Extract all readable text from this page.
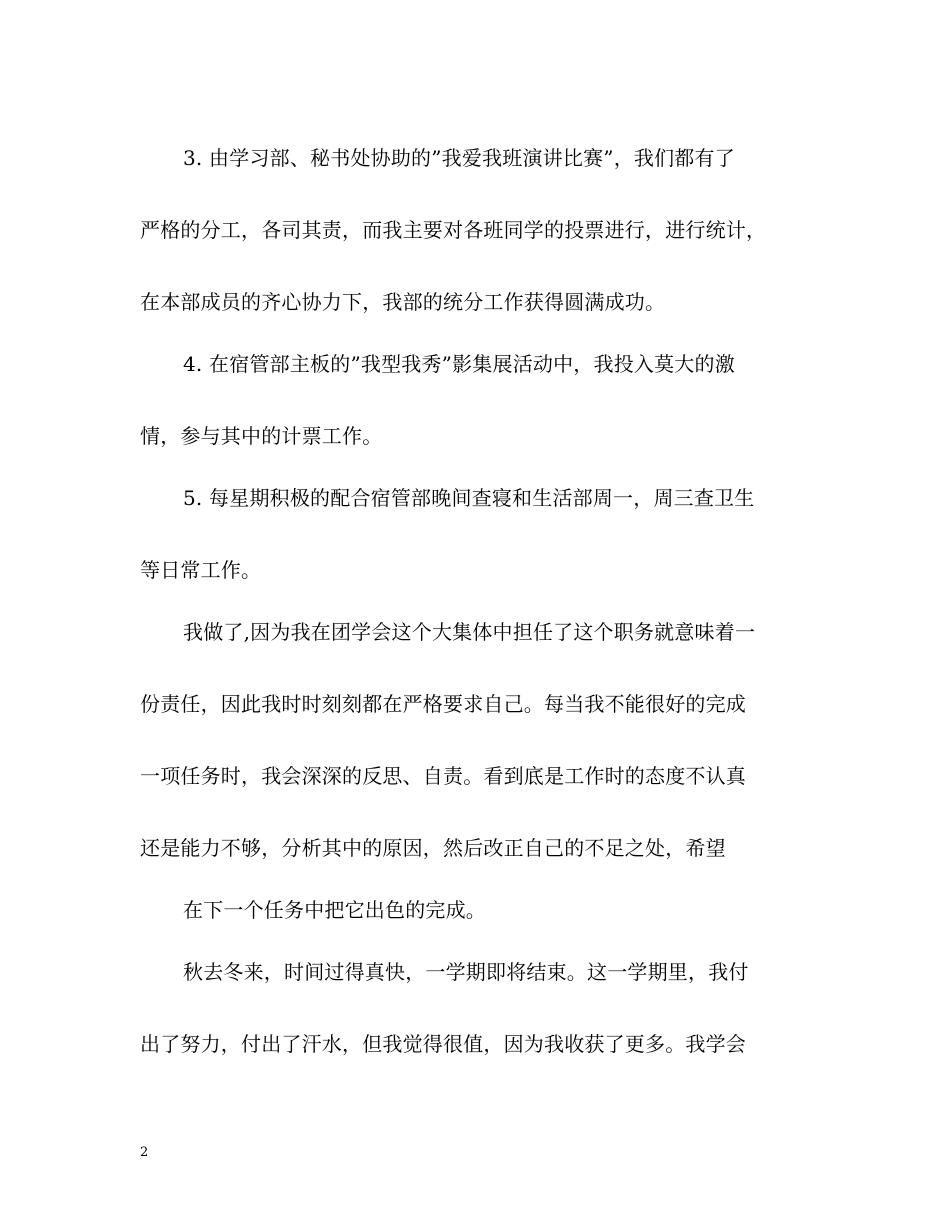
3. 由学习部、秘书处协助的”我爱我班演讲比赛”，我们都有了
严格的分工，各司其责，而我主要对各班同学的投票进行，进行统计，
在本部成员的齐心协力下，我部的统分工作获得圆满成功。
4. 在宿管部主板的”我型我秀”影集展活动中，我投入莫大的激
情，参与其中的计票工作。
5. 每星期积极的配合宿管部晚间查寝和生活部周一，周三查卫生
等日常工作。
我做了,因为我在团学会这个大集体中担任了这个职务就意味着一
份责任，因此我时时刻刻都在严格要求自己。每当我不能很好的完成
一项任务时，我会深深的反思、自责。看到底是工作时的态度不认真
还是能力不够，分析其中的原因，然后改正自己的不足之处，希望
在下一个任务中把它出色的完成。
秋去冬来，时间过得真快，一学期即将结束。这一学期里，我付
出了努力，付出了汗水，但我觉得很值，因为我收获了更多。我学会
2
